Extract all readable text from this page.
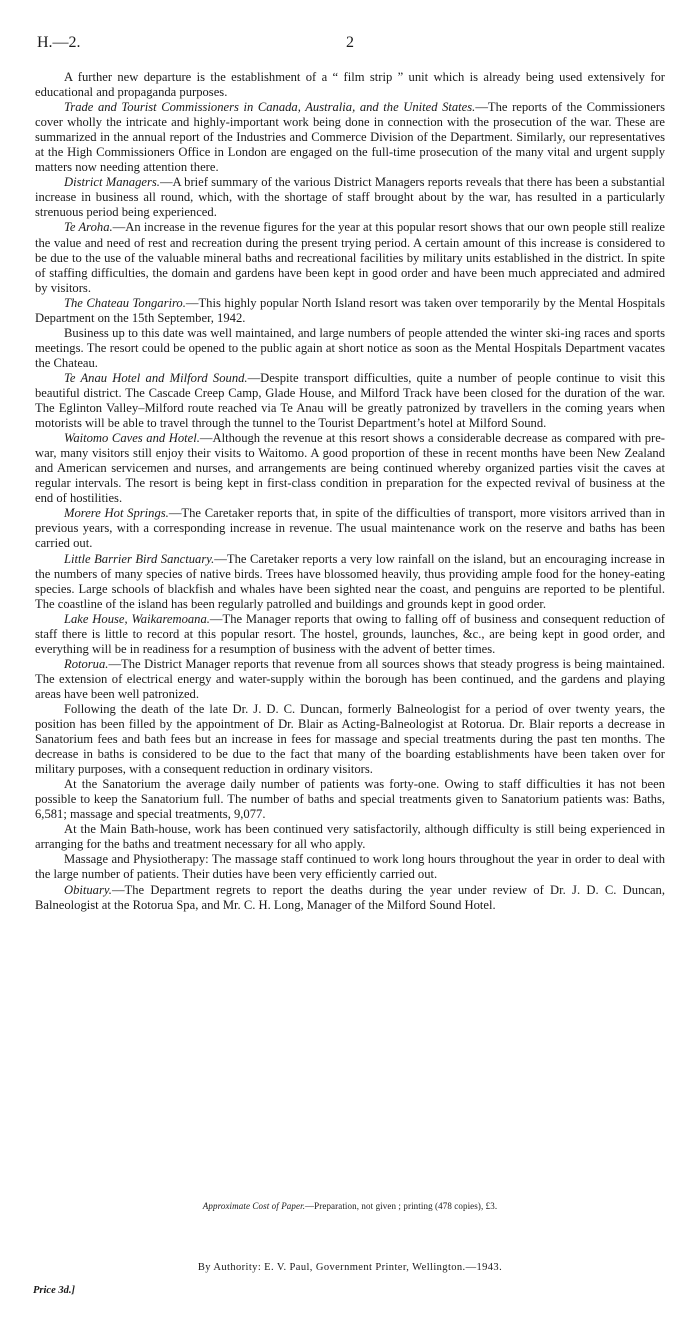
H.—2.	2

A further new departure is the establishment of a “ film strip ” unit which is already being used extensively for educational and propaganda purposes.

Trade and Tourist Commissioners in Canada, Australia, and the United States.—The reports of the Commissioners cover wholly the intricate and highly-important work being done in connection with the prosecution of the war. These are summarized in the annual report of the Industries and Commerce Division of the Department. Similarly, our representatives at the High Commissioners Office in London are engaged on the full-time prosecution of the many vital and urgent supply matters now needing attention there.

District Managers.—A brief summary of the various District Managers reports reveals that there has been a substantial increase in business all round, which, with the shortage of staff brought about by the war, has resulted in a particularly strenuous period being experienced.

Te Aroha.—An increase in the revenue figures for the year at this popular resort shows that our own people still realize the value and need of rest and recreation during the present trying period. A certain amount of this increase is considered to be due to the use of the valuable mineral baths and recreational facilities by military units established in the district. In spite of staffing difficulties, the domain and gardens have been kept in good order and have been much appreciated and admired by visitors.

The Chateau Tongariro.—This highly popular North Island resort was taken over temporarily by the Mental Hospitals Department on the 15th September, 1942.

Business up to this date was well maintained, and large numbers of people attended the winter ski-ing races and sports meetings. The resort could be opened to the public again at short notice as soon as the Mental Hospitals Department vacates the Chateau.

Te Anau Hotel and Milford Sound.—Despite transport difficulties, quite a number of people continue to visit this beautiful district. The Cascade Creep Camp, Glade House, and Milford Track have been closed for the duration of the war. The Eglinton Valley–Milford route reached via Te Anau will be greatly patronized by travellers in the coming years when motorists will be able to travel through the tunnel to the Tourist Department’s hotel at Milford Sound.

Waitomo Caves and Hotel.—Although the revenue at this resort shows a considerable decrease as compared with pre-war, many visitors still enjoy their visits to Waitomo. A good proportion of these in recent months have been New Zealand and American servicemen and nurses, and arrangements are being continued whereby organized parties visit the caves at regular intervals. The resort is being kept in first-class condition in preparation for the expected revival of business at the end of hostilities.

Morere Hot Springs.—The Caretaker reports that, in spite of the difficulties of transport, more visitors arrived than in previous years, with a corresponding increase in revenue. The usual maintenance work on the reserve and baths has been carried out.

Little Barrier Bird Sanctuary.—The Caretaker reports a very low rainfall on the island, but an encouraging increase in the numbers of many species of native birds. Trees have blossomed heavily, thus providing ample food for the honey-eating species. Large schools of blackfish and whales have been sighted near the coast, and penguins are reported to be plentiful. The coastline of the island has been regularly patrolled and buildings and grounds kept in good order.

Lake House, Waikaremoana.—The Manager reports that owing to falling off of business and consequent reduction of staff there is little to record at this popular resort. The hostel, grounds, launches, &c., are being kept in good order, and everything will be in readiness for a resumption of business with the advent of better times.

Rotorua.—The District Manager reports that revenue from all sources shows that steady progress is being maintained. The extension of electrical energy and water-supply within the borough has been continued, and the gardens and playing areas have been well patronized.

Following the death of the late Dr. J. D. C. Duncan, formerly Balneologist for a period of over twenty years, the position has been filled by the appointment of Dr. Blair as Acting-Balneologist at Rotorua. Dr. Blair reports a decrease in Sanatorium fees and bath fees but an increase in fees for massage and special treatments during the past ten months. The decrease in baths is considered to be due to the fact that many of the boarding establishments have been taken over for military purposes, with a consequent reduction in ordinary visitors.

At the Sanatorium the average daily number of patients was forty-one. Owing to staff difficulties it has not been possible to keep the Sanatorium full. The number of baths and special treatments given to Sanatorium patients was: Baths, 6,581; massage and special treatments, 9,077.

At the Main Bath-house, work has been continued very satisfactorily, although difficulty is still being experienced in arranging for the baths and treatment necessary for all who apply.

Massage and Physiotherapy: The massage staff continued to work long hours throughout the year in order to deal with the large number of patients. Their duties have been very efficiently carried out.

Obituary.—The Department regrets to report the deaths during the year under review of Dr. J. D. C. Duncan, Balneologist at the Rotorua Spa, and Mr. C. H. Long, Manager of the Milford Sound Hotel.

Approximate Cost of Paper.—Preparation, not given ; printing (478 copies), £3.
By Authority: E. V. Paul, Government Printer, Wellington.—1943.
Price 3d.]
